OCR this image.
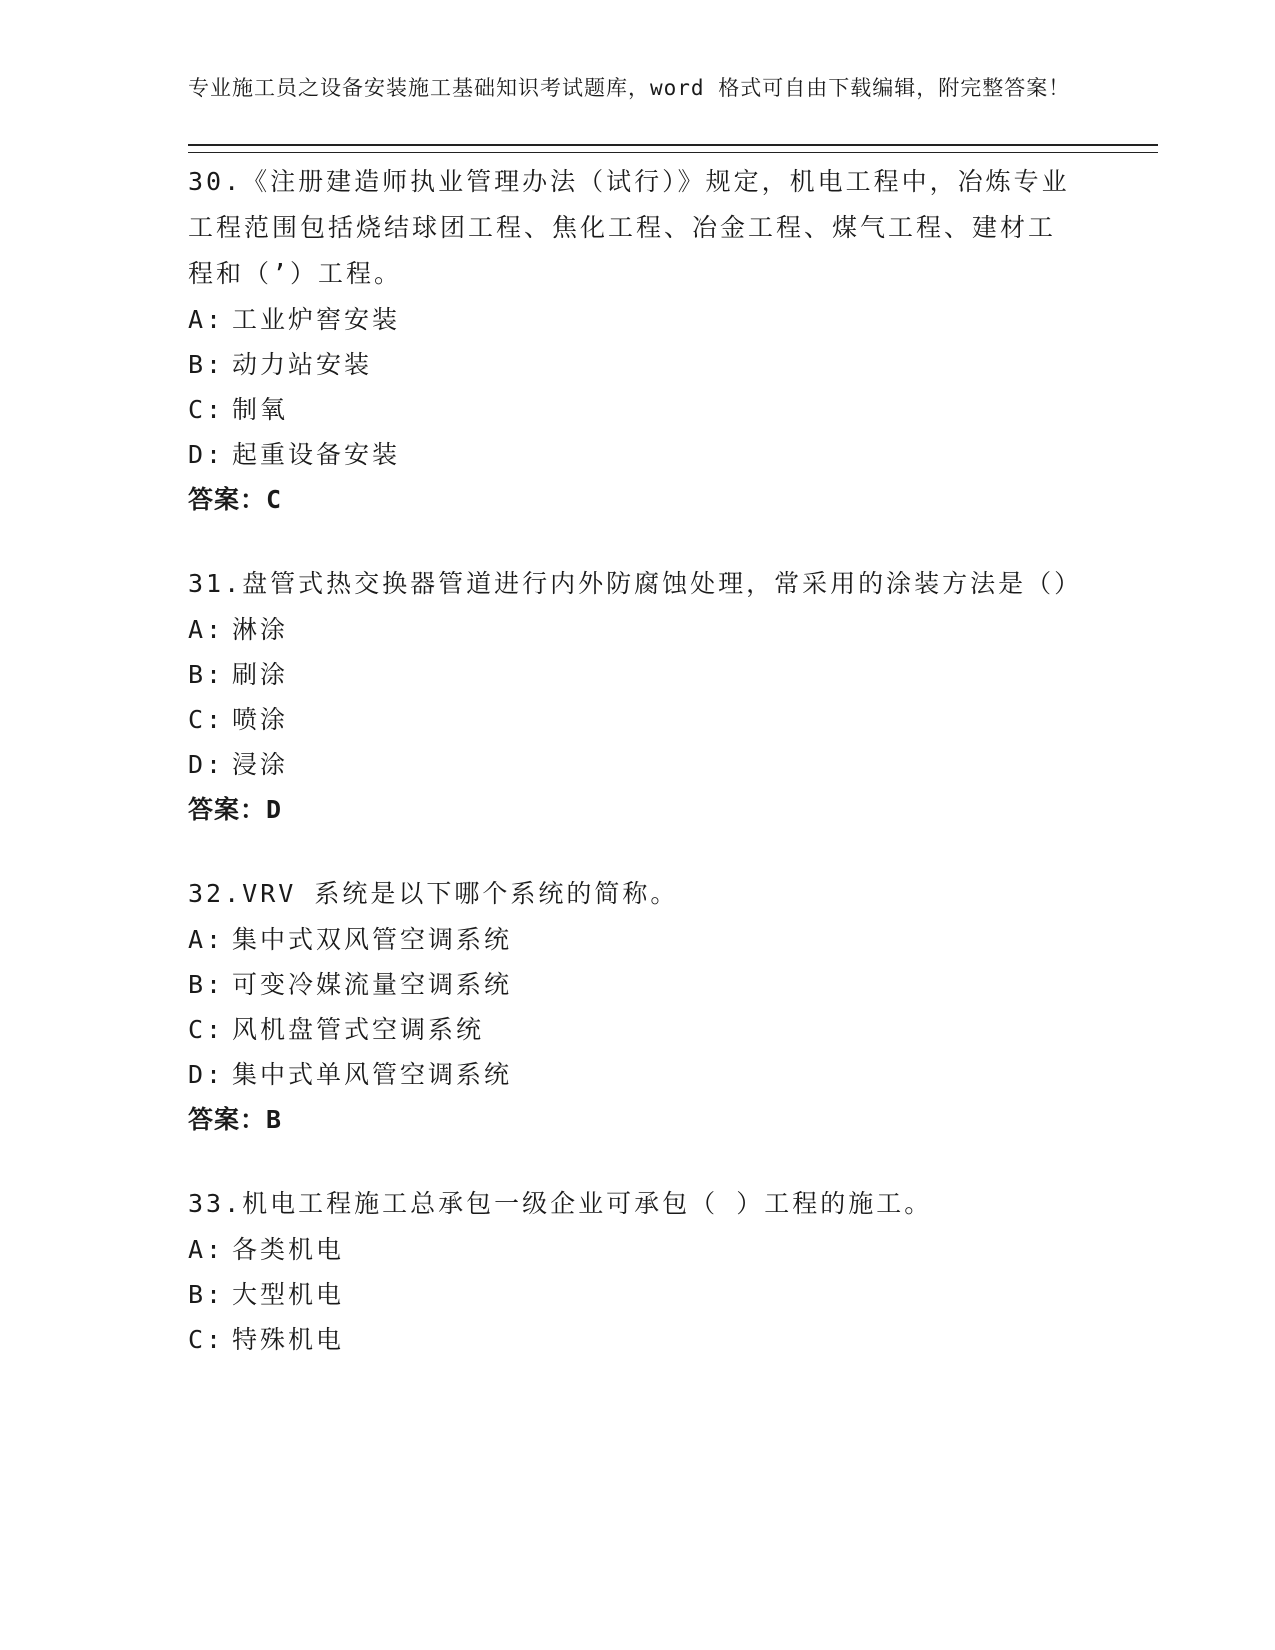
专业施工员之设备安装施工基础知识考试题库，word 格式可自由下载编辑，附完整答案！

30.《注册建造师执业管理办法（试行）》规定，机电工程中，冶炼专业工程范围包括烧结球团工程、焦化工程、冶金工程、煤气工程、建材工程和（’）工程。

A: 工业炉窖安装

B: 动力站安装

C: 制氧

D: 起重设备安装

答案：C

31.盘管式热交换器管道进行内外防腐蚀处理，常采用的涂装方法是（）

A: 淋涂

B: 刷涂

C: 喷涂

D: 浸涂

答案：D

32.VRV 系统是以下哪个系统的简称。

A: 集中式双风管空调系统

B: 可变冷媒流量空调系统

C: 风机盘管式空调系统

D: 集中式单风管空调系统

答案：B

33.机电工程施工总承包一级企业可承包（ ）工程的施工。

A: 各类机电

B: 大型机电

C: 特殊机电
